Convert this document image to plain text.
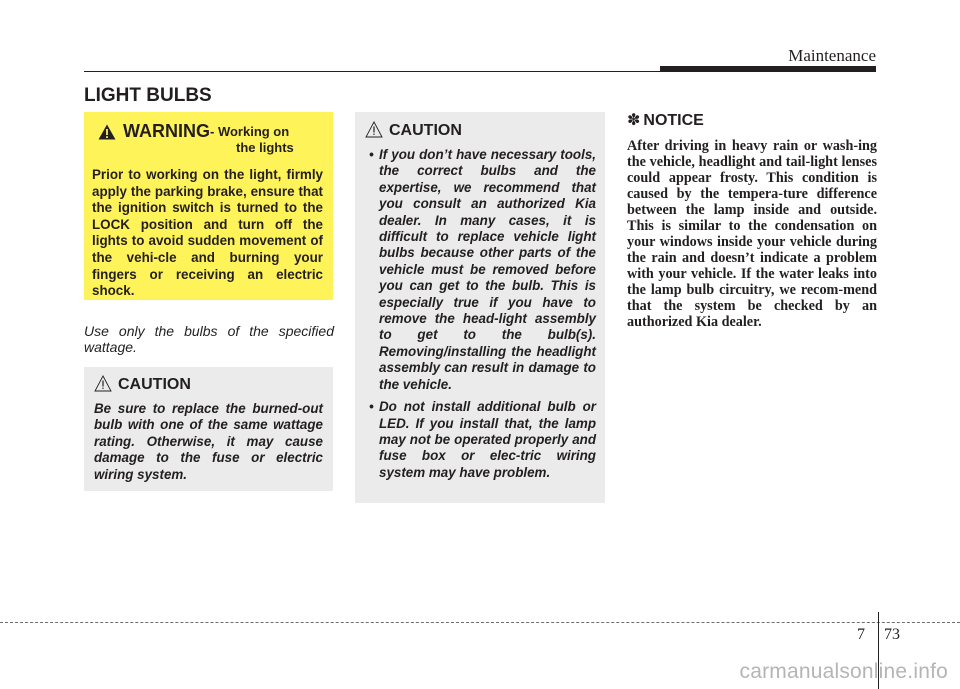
Maintenance
LIGHT BULBS
WARNING - Working on
the lights
Prior to working on the light, firmly apply the parking brake, ensure that the ignition switch is turned to the LOCK position and turn off the lights to avoid sudden movement of the vehi-cle and burning your fingers or receiving an electric shock.
Use only the bulbs of the specified wattage.
CAUTION
Be sure to replace the burned-out bulb with one of the same wattage rating. Otherwise, it may cause damage to the fuse or electric wiring system.
CAUTION
• If you don’t have necessary tools, the correct bulbs and the expertise, we recommend that you consult an authorized Kia dealer. In many cases, it is difficult to replace vehicle light bulbs because other parts of the vehicle must be removed before you can get to the bulb. This is especially true if you have to remove the head-light assembly to get to the bulb(s). Removing/installing the headlight assembly can result in damage to the vehicle.
• Do not install additional bulb or LED. If you install that, the lamp may not be operated properly and fuse box or elec-tric wiring system may have problem.
✽ NOTICE
After driving in heavy rain or wash-ing the vehicle, headlight and tail-light lenses could appear frosty. This condition is caused by the tempera-ture difference between the lamp inside and outside. This is similar to the condensation on your windows inside your vehicle during the rain and doesn’t indicate a problem with your vehicle. If the water leaks into the lamp bulb circuitry, we recom-mend that the system be checked by an authorized Kia dealer.
7 73
carmanualsonline.info
